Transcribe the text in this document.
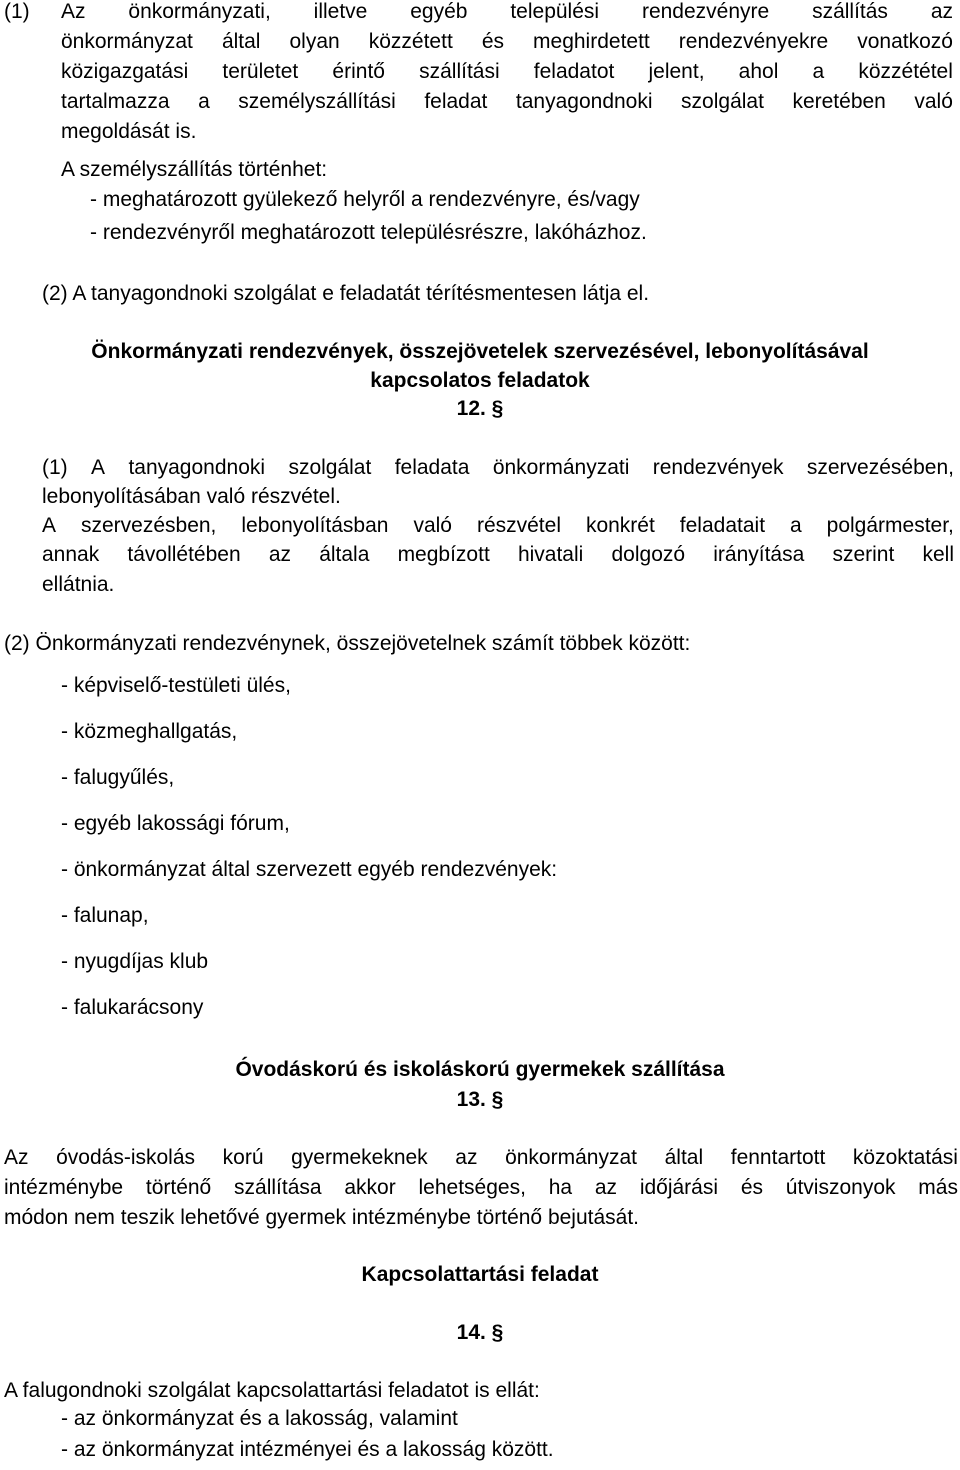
(1) Az önkormányzati, illetve egyéb települési rendezvényre szállítás az
önkormányzat által olyan közzétett és meghirdetett rendezvényekre vonatkozó
közigazgatási területet érintő szállítási feladatot jelent, ahol a közzététel
tartalmazza a személyszállítási feladat tanyagondnoki szolgálat keretében való
megoldását is.
A személyszállítás történhet:
- meghatározott gyülekező helyről a rendezvényre, és/vagy
- rendezvényről meghatározott településrészre, lakóházhoz.
(2) A tanyagondnoki szolgálat e feladatát térítésmentesen látja el.
Önkormányzati rendezvények, összejövetelek szervezésével, lebonyolításával
kapcsolatos feladatok
12. §
(1) A tanyagondnoki szolgálat feladata önkormányzati rendezvények szervezésében,
lebonyolításában való részvétel.
A szervezésben, lebonyolításban való részvétel konkrét feladatait a polgármester,
annak távollétében az általa megbízott hivatali dolgozó irányítása szerint kell
ellátnia.
(2) Önkormányzati rendezvénynek, összejövetelnek számít többek között:
- képviselő-testületi ülés,
- közmeghallgatás,
- falugyűlés,
- egyéb lakossági fórum,
- önkormányzat által szervezett egyéb rendezvények:
- falunap,
- nyugdíjas klub
- falukarácsony
Óvodáskorú és iskoláskorú gyermekek szállítása
13. §
Az óvodás-iskolás korú gyermekeknek az önkormányzat által fenntartott közoktatási
intézménybe történő szállítása akkor lehetséges, ha az időjárási és útviszonyok más
módon nem teszik lehetővé gyermek intézménybe történő bejutását.
Kapcsolattartási feladat
14. §
A falugondnoki szolgálat kapcsolattartási feladatot is ellát:
- az önkormányzat és a lakosság, valamint
- az önkormányzat intézményei és a lakosság között.
